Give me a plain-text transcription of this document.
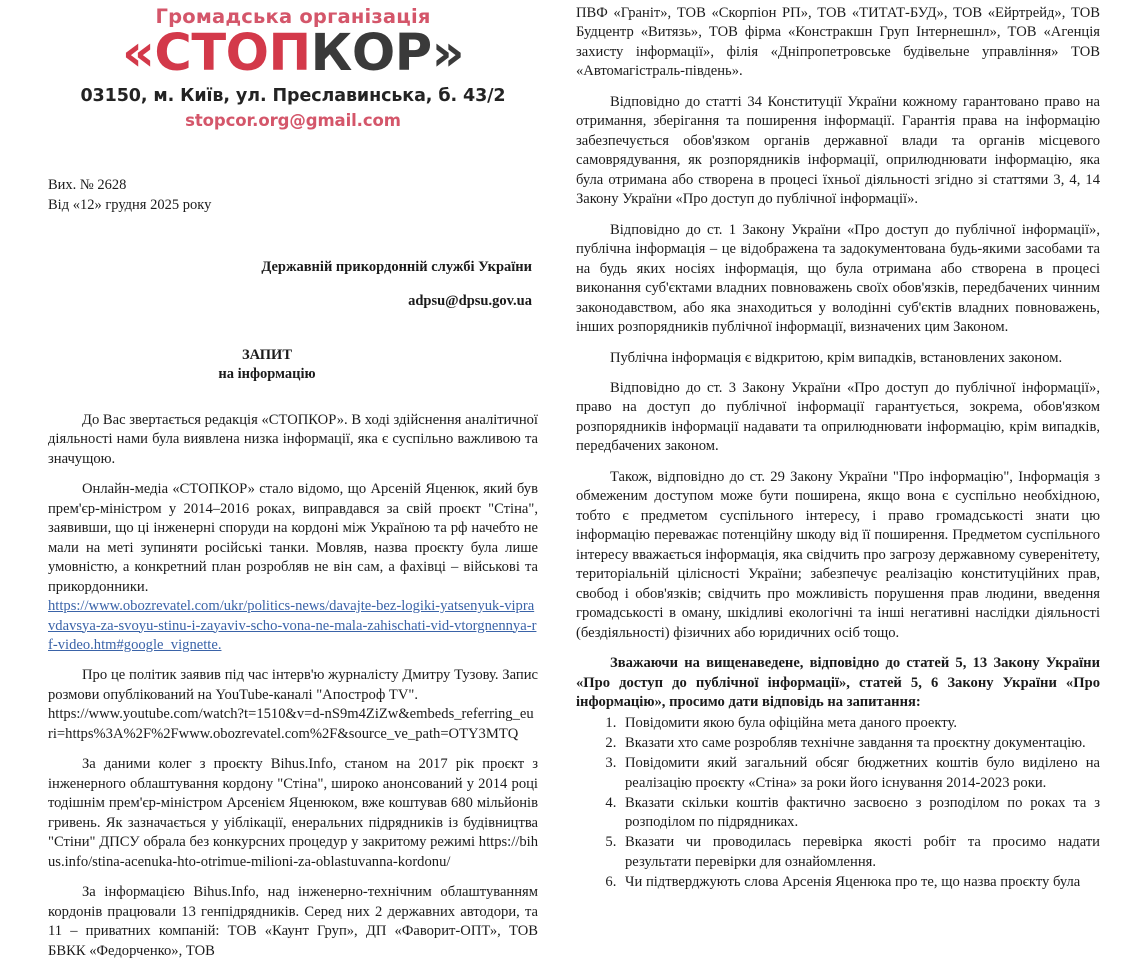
Громадська організація
«СТОПКОР»
03150, м. Київ, ул. Преславинська, б. 43/2
stopcor.org@gmail.com
Вих. № 2628
Від «12» грудня 2025 року
Державній прикордонній службі України
adpsu@dpsu.gov.ua
ЗАПИТ
на інформацію

До Вас звертається редакція «СТОПКОР». В ході здійснення аналітичної діяльності нами була виявлена низка інформації, яка є суспільно важливою та значущою.

Онлайн-медіа «СТОПКОР» стало відомо, що Арсеній Яценюк, який був прем'єр-міністром у 2014–2016 роках, виправдався за свій проєкт "Стіна", заявивши, що ці інженерні споруди на кордоні між Україною та рф начебто не мали на меті зупиняти російські танки. Мовляв, назва проєкту була лише умовністю, а конкретний план розробляв не він сам, а фахівці – військові та прикордонники.

https://www.obozrevatel.com/ukr/politics-news/davajte-bez-logiki-yatsenyuk-vipravdavsya-za-svoyu-stinu-i-zayaviv-scho-vona-ne-mala-zahischati-vid-vtorgnennya-rf-video.htm#google_vignette.

Про це політик заявив під час інтерв'ю журналісту Дмитру Тузову. Запис розмови опублікований на YouTube-каналі "Апостроф TV".

https://www.youtube.com/watch?t=1510&v=d-nS9m4ZiZw&embeds_referring_euri=https%3A%2F%2Fwww.obozrevatel.com%2F&source_ve_path=OTY3MTQ

За даними колег з проєкту Bihus.Info, станом на 2017 рік проєкт з інженерного облаштування кордону "Стіна", широко анонсований у 2014 році тодішнім прем'єр-міністром Арсенієм Яценюком, вже коштував 680 мільйонів гривень. Як зазначається у уіблікації, енеральних підрядників із будівництва "Стіни" ДПСУ обрала без конкурсних процедур у закритому режимі https://bihus.info/stina-acenuka-hto-otrimue-milioni-za-oblastuvanna-kordonu/

За інформацією Bihus.Info, над інженерно-технічним облаштуванням кордонів працювали 13 генпідрядників. Серед них 2 державних автодори, та 11 – приватних компаній: ТОВ «Каунт Груп», ДП «Фаворит-ОПТ», ТОВ БВКК «Федорченко», ТОВ

ПВФ «Граніт», ТОВ «Скорпіон РП», ТОВ «ТИТАТ-БУД», ТОВ «Ейртрейд», ТОВ Будцентр «Витязь», ТОВ фірма «Констракшн Груп Інтернешнл», ТОВ «Агенція захисту інформації», філія «Дніпропетровське будівельне управління» ТОВ «Автомагістраль-південь».

Відповідно до статті 34 Конституції України кожному гарантовано право на отримання, зберігання та поширення інформації. Гарантія права на інформацію забезпечується обов'язком органів державної влади та органів місцевого самоврядування, як розпорядників інформації, оприлюднювати інформацію, яка була отримана або створена в процесі їхньої діяльності згідно зі статтями 3, 4, 14 Закону України «Про доступ до публічної інформації».

Відповідно до ст. 1 Закону України «Про доступ до публічної інформації», публічна інформація – це відображена та задокументована будь-якими засобами та на будь яких носіях інформація, що була отримана або створена в процесі виконання суб'єктами владних повноважень своїх обов'язків, передбачених чинним законодавством, або яка знаходиться у володінні суб'єктів владних повноважень, інших розпорядників публічної інформації, визначених цим Законом.

Публічна інформація є відкритою, крім випадків, встановлених законом.

Відповідно до ст. 3 Закону України «Про доступ до публічної інформації», право на доступ до публічної інформації гарантується, зокрема, обов'язком розпорядників інформації надавати та оприлюднювати інформацію, крім випадків, передбачених законом.

Також, відповідно до ст. 29 Закону України "Про інформацію", Інформація з обмеженим доступом може бути поширена, якщо вона є суспільно необхідною, тобто є предметом суспільного інтересу, і право громадськості знати цю інформацію переважає потенційну шкоду від її поширення. Предметом суспільного інтересу вважається інформація, яка свідчить про загрозу державному суверенітету, територіальній цілісності України; забезпечує реалізацію конституційних прав, свобод і обов'язків; свідчить про можливість порушення прав людини, введення громадськості в оману, шкідливі екологічні та інші негативні наслідки діяльності (бездіяльності) фізичних або юридичних осіб тощо.

Зважаючи на вищенаведене, відповідно до статей 5, 13 Закону України «Про доступ до публічної інформації», статей 5, 6 Закону України «Про інформацію», просимо дати відповідь на запитання:

1. Повідомити якою була офіційна мета даного проекту.
2. Вказати хто саме розробляв технічне завдання та проєктну документацію.
3. Повідомити який загальний обсяг бюджетних коштів було виділено на реалізацію проєкту «Стіна» за роки його існування 2014-2023 роки.
4. Вказати скільки коштів фактично засвоєно з розподілом по роках та з розподілом по підрядниках.
5. Вказати чи проводилась перевірка якості робіт та просимо надати результати перевірки для ознайомлення.
6. Чи підтверджують слова Арсенія Яценюка про те, що назва проєкту була
